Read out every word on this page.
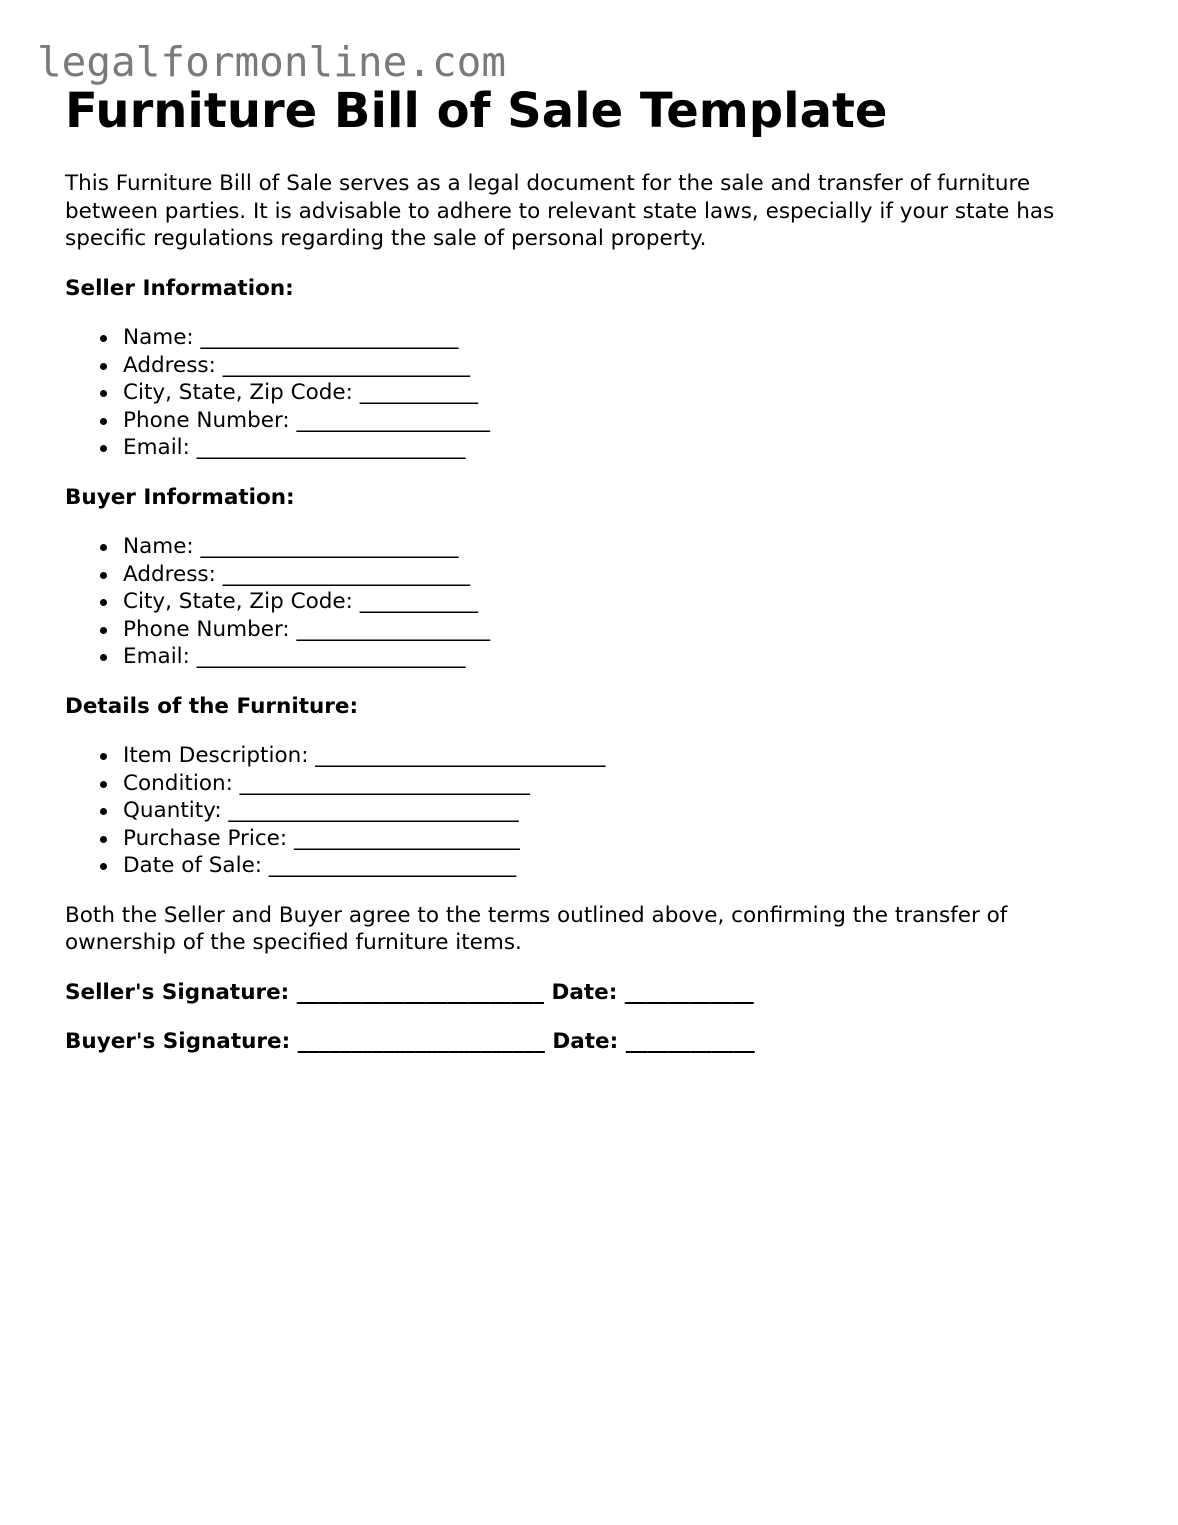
legalformonline.com
Furniture Bill of Sale Template

This Furniture Bill of Sale serves as a legal document for the sale and transfer of furniture between parties. It is advisable to adhere to relevant state laws, especially if your state has specific regulations regarding the sale of personal property.

Seller Information:

Name: ________________________
Address: _______________________
City, State, Zip Code: ___________
Phone Number: __________________
Email: _________________________

Buyer Information:

Name: ________________________
Address: _______________________
City, State, Zip Code: ___________
Phone Number: __________________
Email: _________________________

Details of the Furniture:

Item Description: ___________________________
Condition: ___________________________
Quantity: ___________________________
Purchase Price: _____________________
Date of Sale: _______________________

Both the Seller and Buyer agree to the terms outlined above, confirming the transfer of ownership of the specified furniture items.

Seller's Signature: _______________________ Date: ____________

Buyer's Signature: _______________________ Date: ____________
